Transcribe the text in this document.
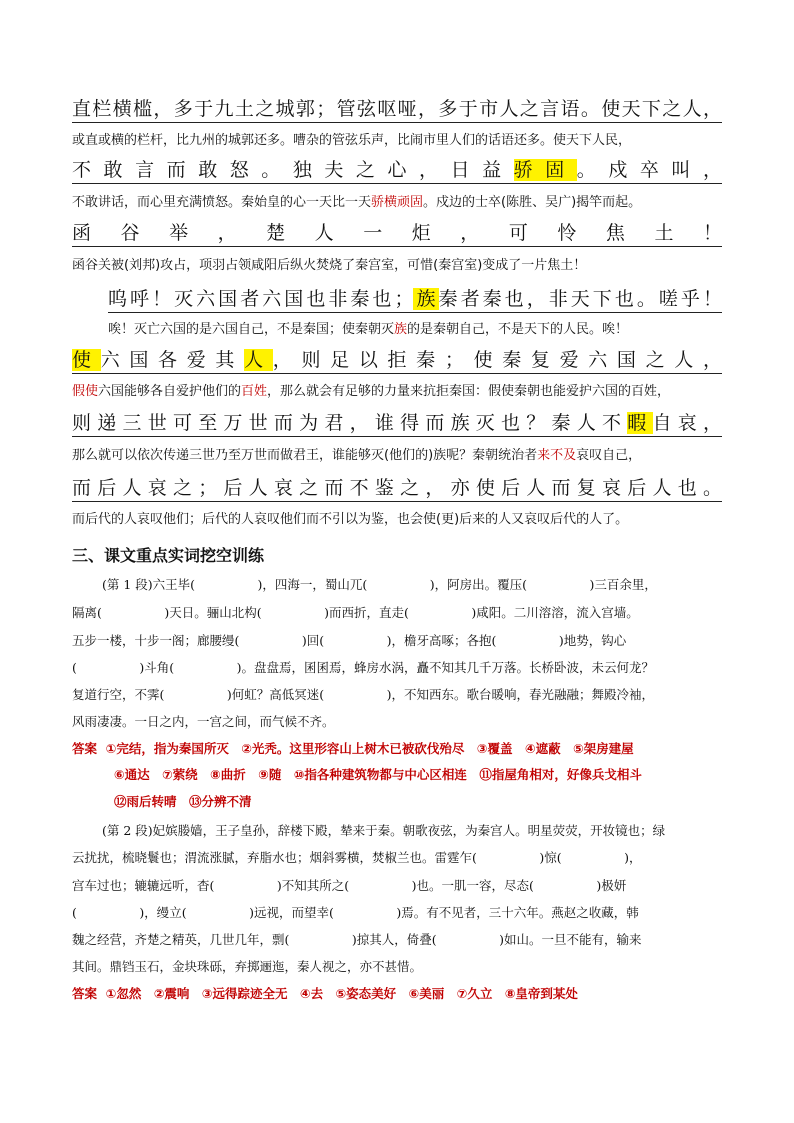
直栏横槛，多于九土之城郭；管弦呕哑，多于市人之言语。使天下之人，

或直或横的栏杆，比九州的城郭还多。嘈杂的管弦乐声，比闹市里人们的话语还多。使天下人民，

不敢言而敢怒。独夫之心，日益骄固。戍卒叫，

不敢讲话，而心里充满愤怒。秦始皇的心一天比一天骄横顽固。戍边的士卒(陈胜、吴广)揭竿而起。

函谷举，楚人一炬，可怜焦土！

函谷关被(刘邦)攻占，项羽占领咸阳后纵火焚烧了秦宫室，可惜(秦宫室)变成了一片焦土！

呜呼！灭六国者六国也非秦也；族秦者秦也，非天下也。嗟乎！

唉！灭亡六国的是六国自己，不是秦国；使秦朝灭族的是秦朝自己，不是天下的人民。唉！

使六国各爱其人，则足以拒秦；使秦复爱六国之人，

假使六国能够各自爱护他们的百姓，那么就会有足够的力量来抗拒秦国：假使秦朝也能爱护六国的百姓，

则递三世可至万世而为君，谁得而族灭也？秦人不暇自哀，

那么就可以依次传递三世乃至万世而做君王，谁能够灭(他们的)族呢？秦朝统治者来不及哀叹自己，

而后人哀之；后人哀之而不鉴之，亦使后人而复哀后人也。

而后代的人哀叹他们；后代的人哀叹他们而不引以为鉴，也会使(更)后来的人又哀叹后代的人了。

三、课文重点实词挖空训练

(第 1 段)六王毕(　　　　　)，四海一，蜀山兀(　　　　　)，阿房出。覆压(　　　　　)三百余里，

隔离(　　　　　)天日。骊山北构(　　　　　)而西折，直走(　　　　　)咸阳。二川溶溶，流入宫墙。

五步一楼，十步一阁；廊腰缦(　　　　　)回(　　　　　)，檐牙高啄；各抱(　　　　　)地势，钩心

(　　　　　)斗角(　　　　　)。盘盘焉，囷囷焉，蜂房水涡，矗不知其几千万落。长桥卧波，未云何龙？

复道行空，不霁(　　　　　)何虹？高低冥迷(　　　　　)，不知西东。歌台暖响，春光融融；舞殿冷袖，

风雨凄凄。一日之内，一宫之间，而气候不齐。

答案 ①完结，指为秦国所灭　②光秃。这里形容山上树木已被砍伐殆尽　③覆盖　④遮蔽　⑤架房建屋

⑥通达　⑦萦绕　⑧曲折　⑨随　⑩指各种建筑物都与中心区相连　⑪指屋角相对，好像兵戈相斗

⑫雨后转晴　⑬分辨不清

(第 2 段)妃嫔媵嫱，王子皇孙，辞楼下殿，辇来于秦。朝歌夜弦，为秦宫人。明星荧荧，开妆镜也；绿

云扰扰，梳晓鬟也；渭流涨腻，弃脂水也；烟斜雾横，焚椒兰也。雷霆乍(　　　　　)惊(　　　　　)，

宫车过也；辘辘远听，杳(　　　　　)不知其所之(　　　　　)也。一肌一容，尽态(　　　　　)极妍

(　　　　　)，缦立(　　　　　)远视，而望幸(　　　　　)焉。有不见者，三十六年。燕赵之收藏，韩

魏之经营，齐楚之精英，几世几年，剽(　　　　　)掠其人，倚叠(　　　　　)如山。一旦不能有，输来

其间。鼎铛玉石，金块珠砾，弃掷逦迤，秦人视之，亦不甚惜。

答案 ①忽然　②震响　③远得踪迹全无　④去　⑤姿态美好　⑥美丽　⑦久立　⑧皇帝到某处
